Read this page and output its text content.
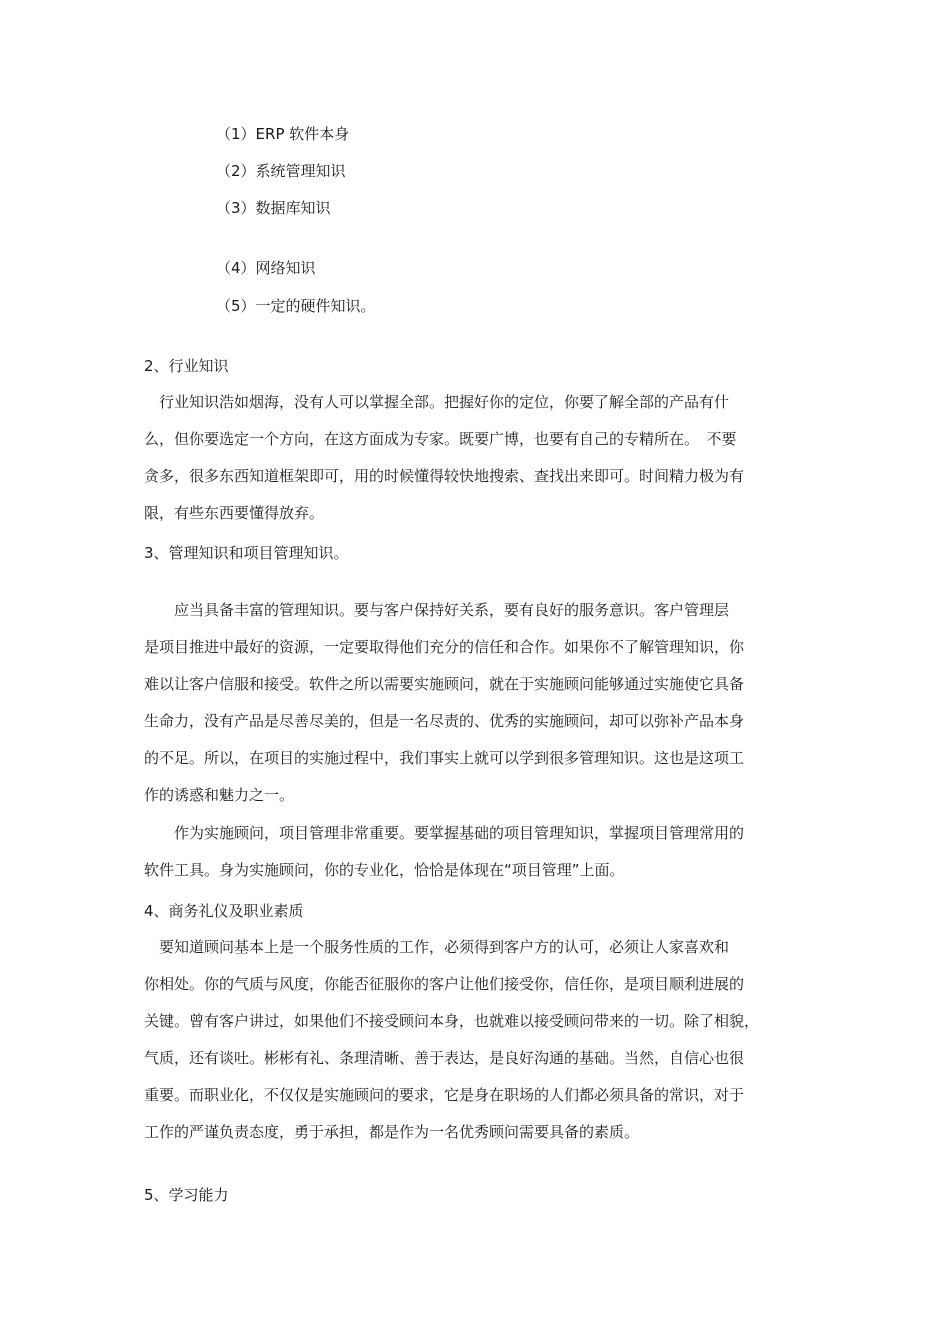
（1）ERP 软件本身
（2）系统管理知识
（3）数据库知识
（4）网络知识
（5）一定的硬件知识。
2、行业知识
　行业知识浩如烟海，没有人可以掌握全部。把握好你的定位，你要了解全部的产品有什
么，但你要选定一个方向，在这方面成为专家。既要广博，也要有自己的专精所在。　不要
贪多，很多东西知道框架即可，用的时候懂得较快地搜索、查找出来即可。时间精力极为有
限，有些东西要懂得放弃。
3、管理知识和项目管理知识。
　　应当具备丰富的管理知识。要与客户保持好关系，要有良好的服务意识。客户管理层
是项目推进中最好的资源，一定要取得他们充分的信任和合作。如果你不了解管理知识，你
难以让客户信服和接受。软件之所以需要实施顾问，就在于实施顾问能够通过实施使它具备
生命力，没有产品是尽善尽美的，但是一名尽责的、优秀的实施顾问，却可以弥补产品本身
的不足。所以，在项目的实施过程中，我们事实上就可以学到很多管理知识。这也是这项工
作的诱惑和魅力之一。
　　作为实施顾问，项目管理非常重要。要掌握基础的项目管理知识，掌握项目管理常用的
软件工具。身为实施顾问，你的专业化，恰恰是体现在“项目管理”上面。
4、商务礼仪及职业素质
　要知道顾问基本上是一个服务性质的工作，必须得到客户方的认可，必须让人家喜欢和
你相处。你的气质与风度，你能否征服你的客户让他们接受你，信任你，是项目顺利进展的
关键。曾有客户讲过，如果他们不接受顾问本身，也就难以接受顾问带来的一切。除了相貌，
气质，还有谈吐。彬彬有礼、条理清晰、善于表达，是良好沟通的基础。当然，自信心也很
重要。而职业化，不仅仅是实施顾问的要求，它是身在职场的人们都必须具备的常识，对于
工作的严谨负责态度，勇于承担，都是作为一名优秀顾问需要具备的素质。
5、学习能力
